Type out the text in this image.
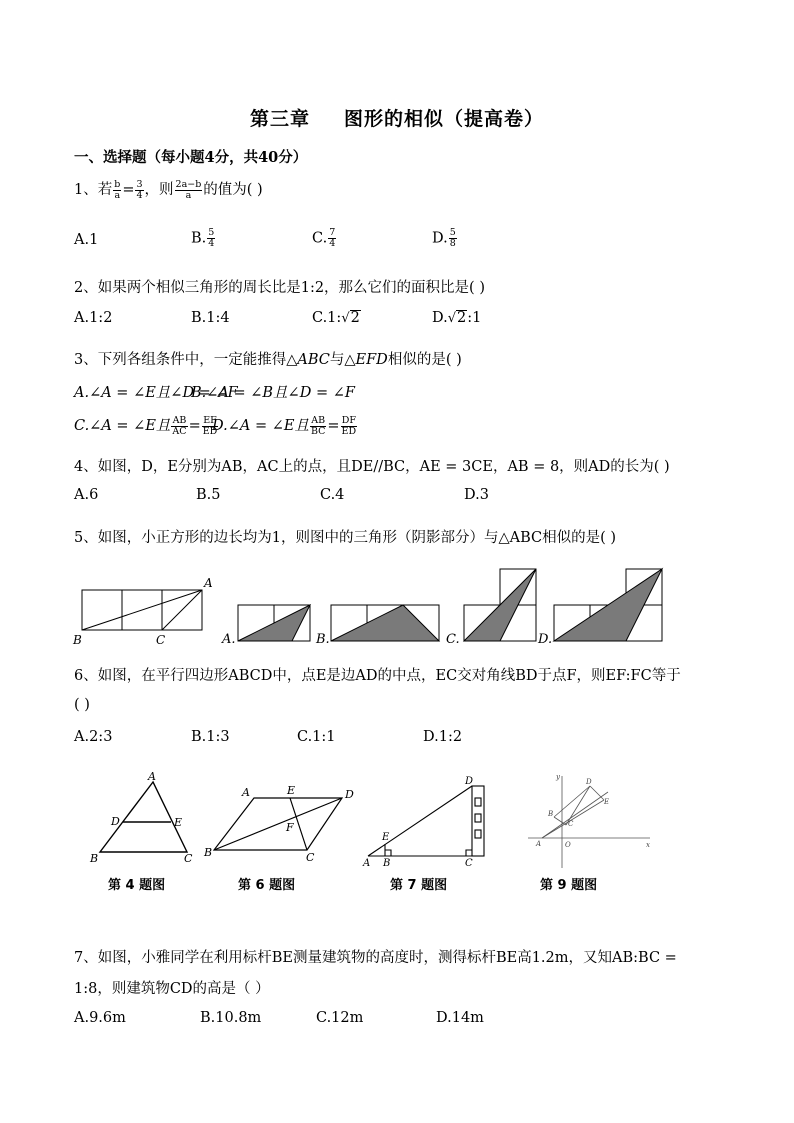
第三章 图形的相似（提高卷）
一、选择题（每小题4分，共40分）
1、若 $\frac{b}{a} = \frac{3}{4}$ ，则 $\frac{2a-b}{a}$ 的值为( )
A.1	B. $\frac{5}{4}$	C. $\frac{7}{4}$	D. $\frac{5}{8}$
2、如果两个相似三角形的周长比是1:2，那么它们的面积比是( )
A.1:2	B.1:4	C.1:√2	D.√2:1
3、下列各组条件中，一定能推得△ABC与△EFD相似的是( )
A.∠A = ∠E且∠D = ∠F
B.∠A = ∠B且∠D = ∠F
C.∠A = ∠E且 $\frac{AB}{AC} = \frac{EF}{ED}$
D.∠A = ∠E且 $\frac{AB}{BC} = \frac{DF}{ED}$
4、如图，D，E分别为AB，AC上的点，且DE//BC，AE = 3CE，AB = 8，则AD的长为( )
A.6	B.5	C.4	D.3
5、如图，小正方形的边长均为1，则图中的三角形（阴影部分）与△ABC相似的是( )
A
B	C	A.	B.	C.	D.
6、如图，在平行四边形ABCD中，点E是边AD的中点，EC交对角线BD于点F，则EF:FC等于
( )
A.2:3	B.1:3	C.1:1	D.1:2
A
D	E
B	C
A	E	D
F
B	C
D
E
A B	C
y
D
E
B
C
A	O	x
第 4 题图	第 6 题图	第 7 题图	第 9 题图
7、如图，小雅同学在利用标杆BE测量建筑物的高度时，测得标杆BE高1.2m，又知AB:BC =
1:8，则建筑物CD的高是（ ）
A.9.6m	B.10.8m	C.12m	D.14m
